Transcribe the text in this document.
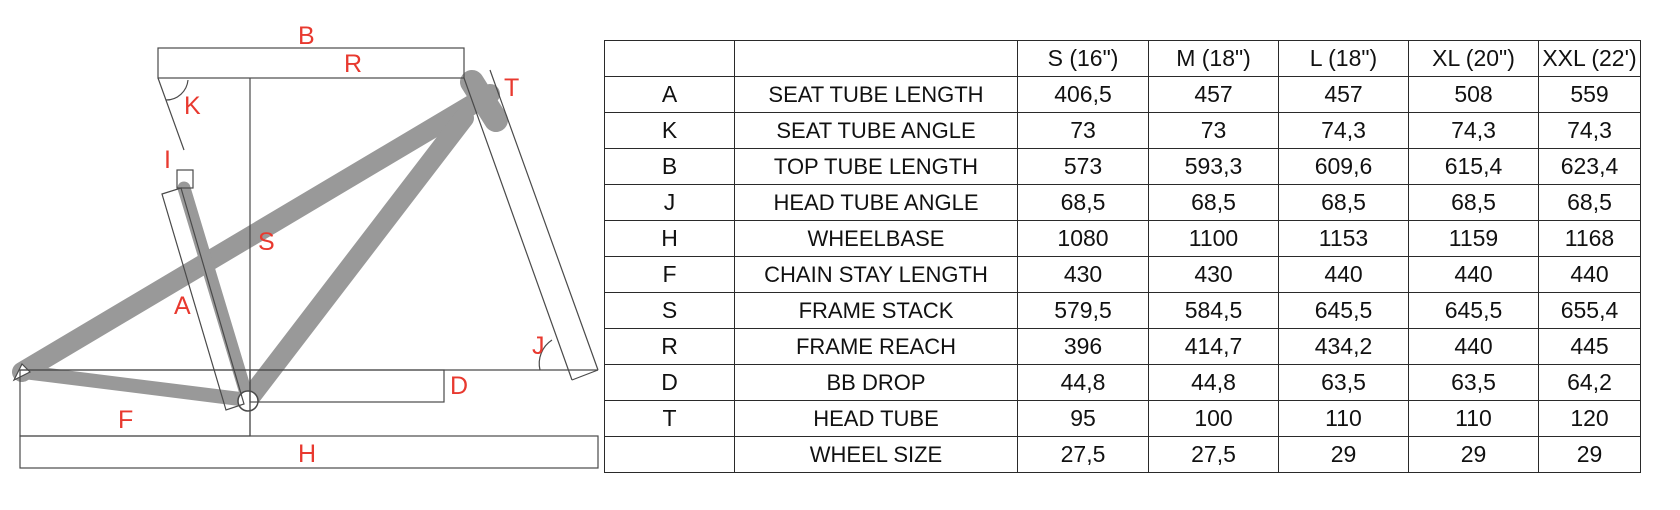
B
R
T
K
I
S
A
J
D
F
H
		S (16")	M (18")	L (18")	XL (20")	XXL (22')
A	SEAT TUBE LENGTH	406,5	457	457	508	559
K	SEAT TUBE ANGLE	73	73	74,3	74,3	74,3
B	TOP TUBE LENGTH	573	593,3	609,6	615,4	623,4
J	HEAD TUBE ANGLE	68,5	68,5	68,5	68,5	68,5
H	WHEELBASE	1080	1100	1153	1159	1168
F	CHAIN STAY LENGTH	430	430	440	440	440
S	FRAME STACK	579,5	584,5	645,5	645,5	655,4
R	FRAME REACH	396	414,7	434,2	440	445
D	BB DROP	44,8	44,8	63,5	63,5	64,2
T	HEAD TUBE	95	100	110	110	120
	WHEEL SIZE	27,5	27,5	29	29	29
